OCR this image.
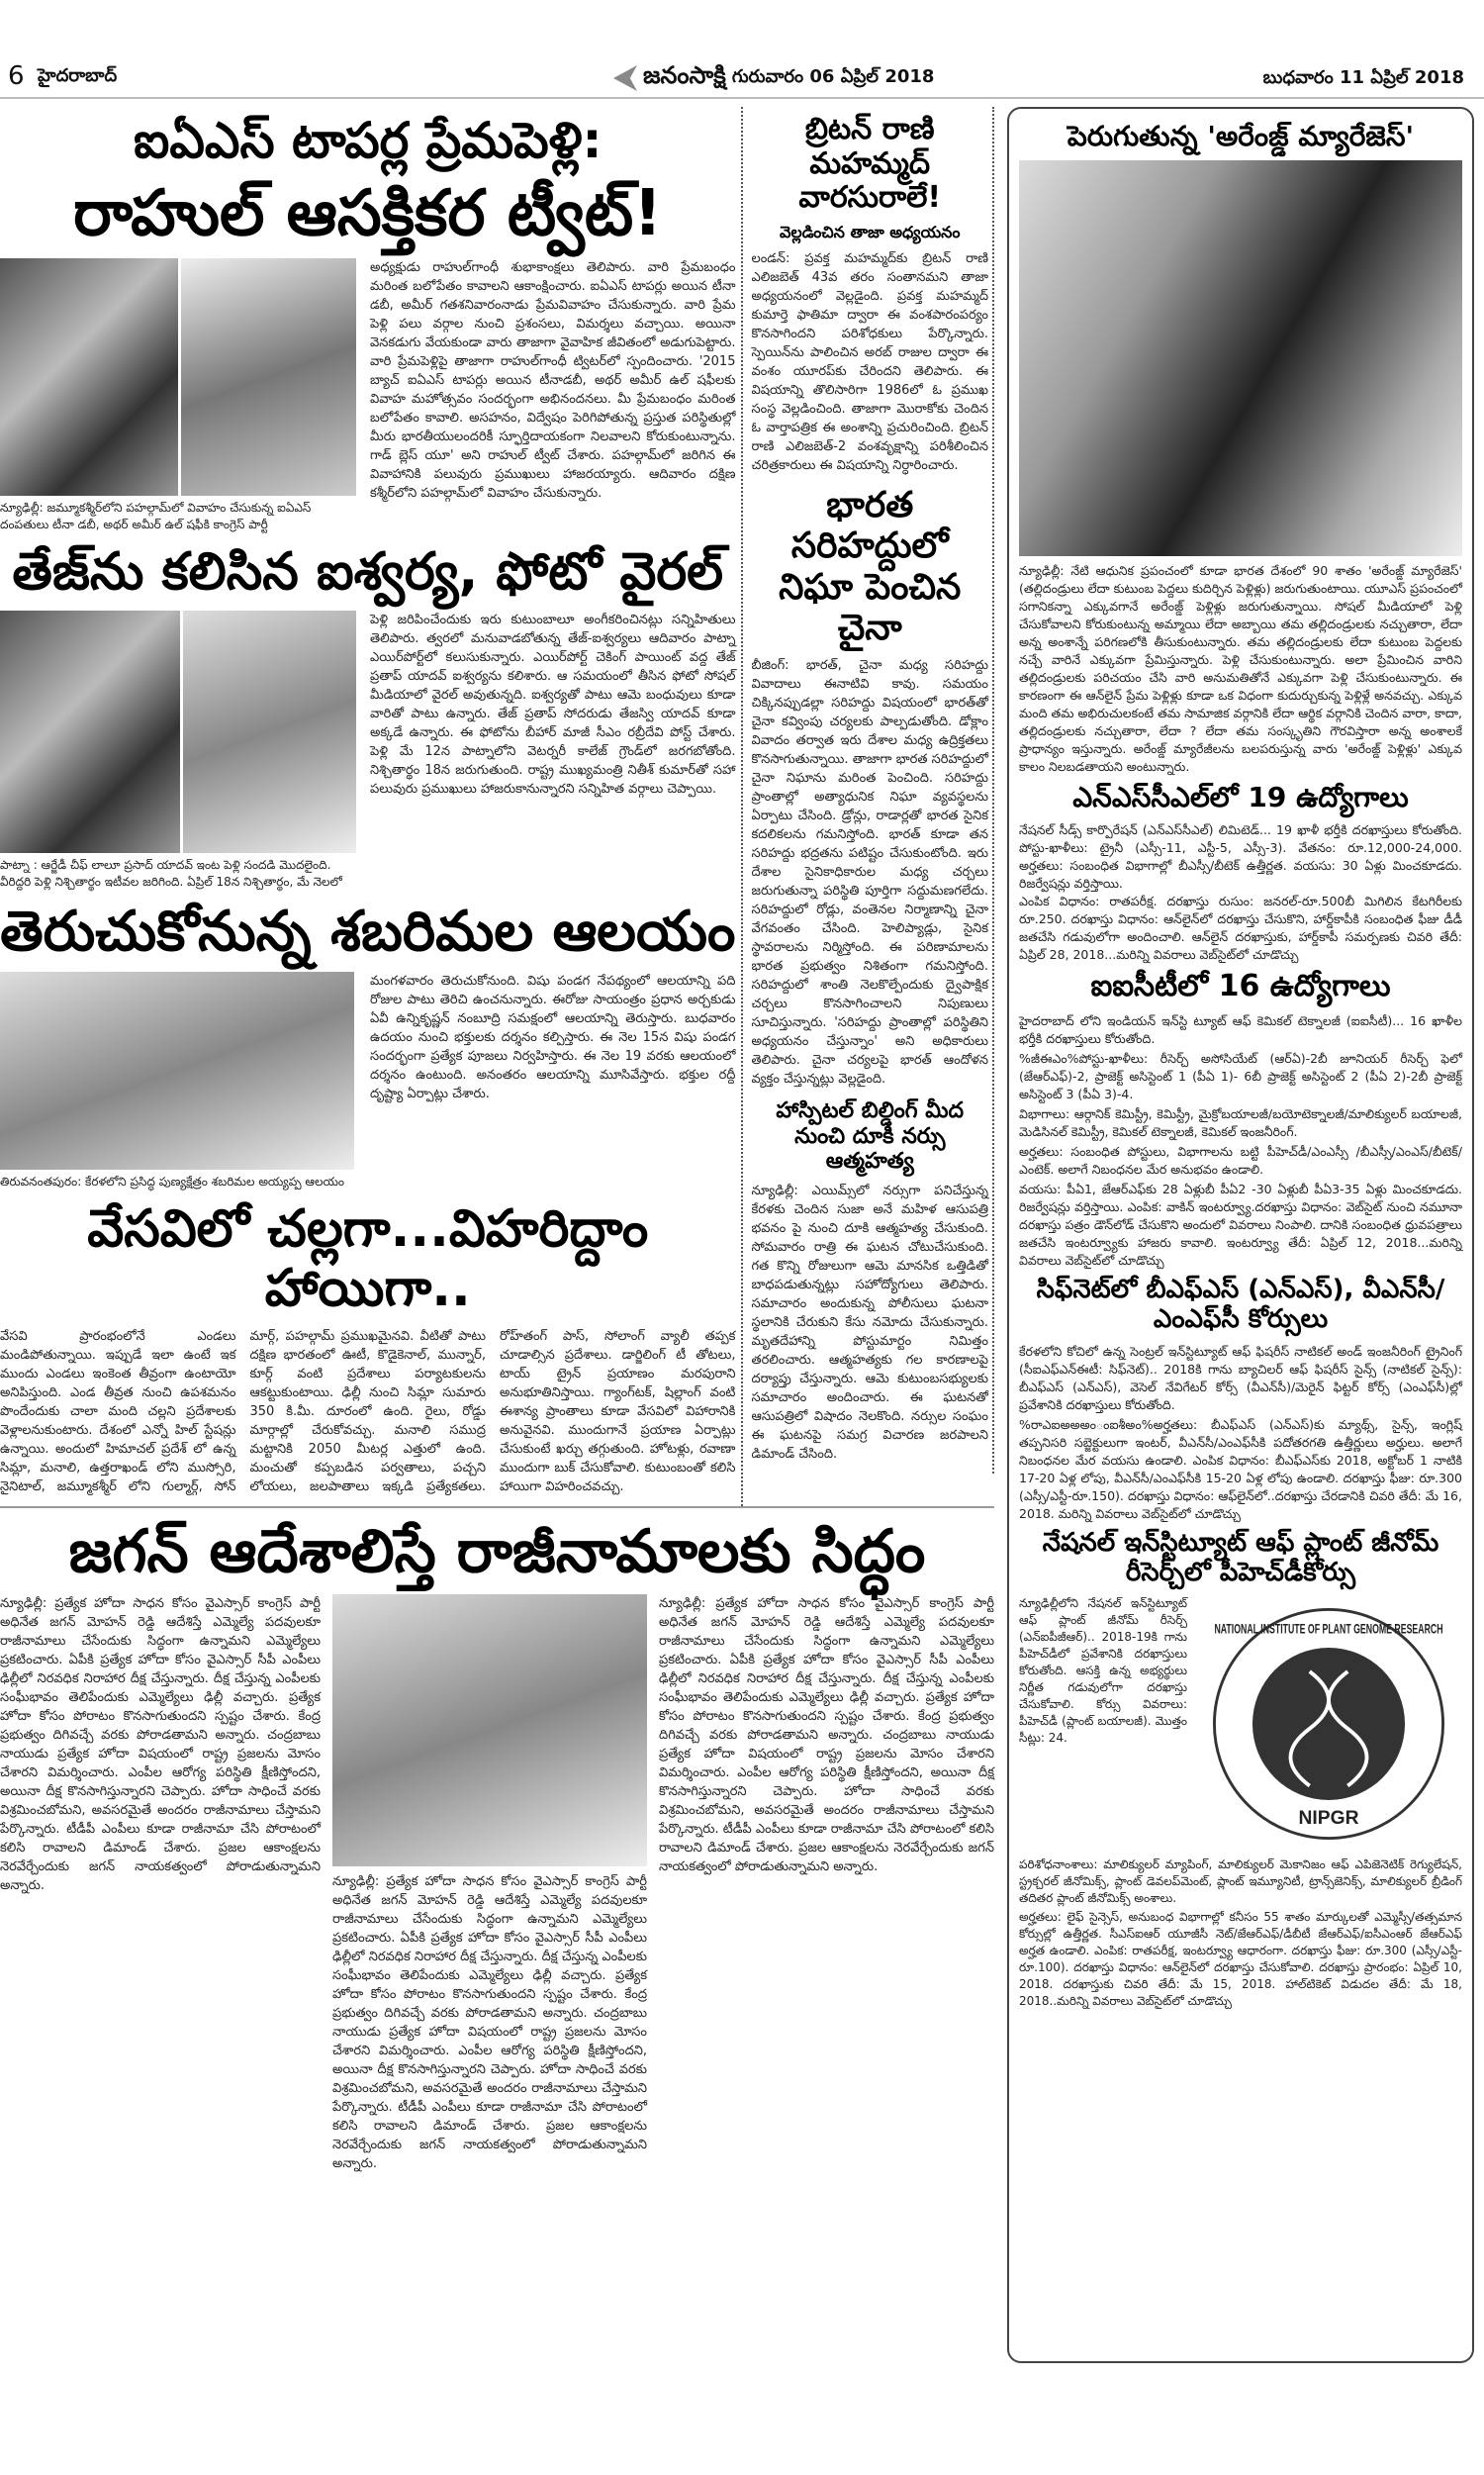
6 హైదరాబాద్	జనంసాక్షి గురువారం 06 ఏప్రిల్ 2018	బుధవారం 11 ఏప్రిల్ 2018
ఐఏఎస్ టాపర్ల ప్రేమపెళ్లి:
రాహుల్ ఆసక్తికర ట్వీట్!
న్యూఢిల్లీ: జమ్మూకశ్మీర్‌లోని పహల్గామ్‌లో వివాహం చేసుకున్న ఐఏఎస్ దంపతులు టీనా డబీ, అథర్ అమీర్ ఉల్ షఫీకి కాంగ్రెస్ పార్టీ
అధ్యక్షుడు రాహుల్‌గాంధీ శుభాకాంక్షలు తెలిపారు. వారి ప్రేమబంధం మరింత బలోపేతం కావాలని ఆకాంక్షించారు. ఐఏఎస్ టాపర్లు అయిన టీనా డబీ, అమీర్ గతశనివారంనాడు ప్రేమవివాహం చేసుకున్నారు. వారి ప్రేమ పెళ్లి పలు వర్గాల నుంచి ప్రశంసలు, విమర్శలు వచ్చాయి. అయినా వెనకడుగు వేయకుండా వారు తాజాగా వైవాహిక జీవితంలో అడుగుపెట్టారు. వారి ప్రేమపెళ్లిపై తాజాగా రాహుల్‌గాంధీ ట్విటర్‌లో స్పందించారు. '2015 బ్యాచ్ ఐఏఎస్ టాపర్లు అయిన టీనాడబీ, అథర్ అమీర్ ఉల్ షఫీలకు వివాహ మహోత్సవం సందర్భంగా అభినందనలు. మీ ప్రేమబంధం మరింత బలోపేతం కావాలి. అసహనం, విద్వేషం పెరిగిపోతున్న ప్రస్తుత పరిస్థితుల్లో మీరు భారతీయులందరికీ స్ఫూర్తిదాయకంగా నిలవాలని కోరుకుంటున్నాను. గాడ్ బ్లెస్ యూ' అని రాహుల్ ట్వీట్ చేశారు. పహల్గామ్‌లో జరిగిన ఈ వివాహానికి పలువురు ప్రముఖులు హాజరయ్యారు. ఆదివారం దక్షిణ కశ్మీర్‌లోని పహల్గామ్‌లో వివాహం చేసుకున్నారు.
తేజ్‌ను కలిసిన ఐశ్వర్య, ఫోటో వైరల్
పాట్నా : ఆర్జేడీ చీఫ్ లాలూ ప్రసాద్ యాదవ్ ఇంట పెళ్లి సందడి మొదలైంది. వీరిద్దరి పెళ్లి నిశ్చితార్థం ఇటీవల జరిగింది. ఏప్రిల్ 18న నిశ్చితార్థం, మే నెలలో
పెళ్లి జరిపించేందుకు ఇరు కుటుంబాలూ అంగీకరించినట్లు సన్నిహితులు తెలిపారు. త్వరలో మనువాడబోతున్న తేజ్-ఐశ్వర్యలు ఆదివారం పాట్నా ఎయిర్‌పోర్ట్‌లో కలుసుకున్నారు. ఎయిర్‌పోర్ట్ చెకింగ్ పాయింట్ వద్ద తేజ్ ప్రతాప్ యాదవ్ ఐశ్వర్యను కలిశారు. ఆ సమయంలో తీసిన ఫోటో సోషల్ మీడియాలో వైరల్ అవుతున్నది. ఐశ్వర్యతో పాటు ఆమె బంధువులు కూడా వారితో పాటు ఉన్నారు. తేజ్ ప్రతాప్ సోదరుడు తేజస్వి యాదవ్ కూడా అక్కడే ఉన్నారు. ఈ ఫోటోను బీహార్ మాజీ సీఎం రబ్రీదేవి పోస్ట్ చేశారు. పెళ్లి మే 12న పాట్నాలోని వెటర్నరీ కాలేజ్ గ్రౌండ్‌లో జరగబోతోంది. నిశ్చితార్థం 18న జరుగుతుంది. రాష్ట్ర ముఖ్యమంత్రి నితీశ్ కుమార్‌తో సహా పలువురు ప్రముఖులు హాజరుకానున్నారని సన్నిహిత వర్గాలు చెప్పాయి.
తెరుచుకోనున్న శబరిమల ఆలయం
తిరువనంతపురం: కేరళలోని ప్రసిద్ధ పుణ్యక్షేత్రం శబరిమల అయ్యప్ప ఆలయం
మంగళవారం తెరుచుకోనుంది. విషు పండగ నేపథ్యంలో ఆలయాన్ని పది రోజుల పాటు తెరిచి ఉంచనున్నారు. ఈరోజు సాయంత్రం ప్రధాన అర్చకుడు ఏవీ ఉన్నికృష్ణన్ నంబూద్రి సమక్షంలో ఆలయాన్ని తెరుస్తారు. బుధవారం ఉదయం నుంచి భక్తులకు దర్శనం కల్పిస్తారు. ఈ నెల 15న విషు పండగ సందర్భంగా ప్రత్యేక పూజలు నిర్వహిస్తారు. ఈ నెల 19 వరకు ఆలయంలో దర్శనం ఉంటుంది. అనంతరం ఆలయాన్ని మూసివేస్తారు. భక్తుల రద్దీ దృష్ట్యా ఏర్పాట్లు చేశారు.
వేసవిలో చల్లగా...విహరిద్దాం హాయిగా..
వేసవి ప్రారంభంలోనే ఎండలు మండిపోతున్నాయి. ఇప్పుడే ఇలా ఉంటే ఇక ముందు ఎండలు ఇంకెంత తీవ్రంగా ఉంటాయో అనిపిస్తుంది. ఎండ తీవ్రత నుంచి ఉపశమనం పొందేందుకు చాలా మంది చల్లని ప్రదేశాలకు వెళ్లాలనుకుంటారు. దేశంలో ఎన్నో హిల్ స్టేషన్లు ఉన్నాయి. అందులో హిమాచల్ ప్రదేశ్ లో ఉన్న సిమ్లా, మనాలి, ఉత్తరాఖండ్ లోని ముస్సోరి, నైనిటాల్, జమ్మూకశ్మీర్ లోని గుల్మార్గ్, సోన్ మార్గ్, పహల్గామ్ ప్రముఖమైనవి. వీటితో పాటు దక్షిణ భారతంలో ఊటీ, కొడైకెనాల్, మున్నార్, కూర్గ్ వంటి ప్రదేశాలు పర్యాటకులను ఆకట్టుకుంటాయి. ఢిల్లీ నుంచి సిమ్లా సుమారు 350 కి.మీ. దూరంలో ఉంది. రైలు, రోడ్డు మార్గాల్లో చేరుకోవచ్చు. మనాలి సముద్ర మట్టానికి 2050 మీటర్ల ఎత్తులో ఉంది. మంచుతో కప్పబడిన పర్వతాలు, పచ్చని లోయలు, జలపాతాలు ఇక్కడి ప్రత్యేకతలు. రోహ్‌తంగ్ పాస్, సోలాంగ్ వ్యాలీ తప్పక చూడాల్సిన ప్రదేశాలు. డార్జిలింగ్ టీ తోటలు, టాయ్ ట్రైన్ ప్రయాణం మరపురాని అనుభూతినిస్తాయి. గ్యాంగ్‌టక్, షిల్లాంగ్ వంటి ఈశాన్య ప్రాంతాలు కూడా వేసవిలో విహారానికి అనువైనవి. ముందుగానే ప్రయాణ ఏర్పాట్లు చేసుకుంటే ఖర్చు తగ్గుతుంది. హోటళ్లు, రవాణా ముందుగా బుక్ చేసుకోవాలి. కుటుంబంతో కలిసి హాయిగా విహరించవచ్చు.
బ్రిటన్ రాణి మహమ్మద్ వారసురాలే!
వెల్లడించిన తాజా అధ్యయనం
లండన్: ప్రవక్త మహమ్మద్‌కు బ్రిటన్ రాణి ఎలిజబెత్ 43వ తరం సంతానమని తాజా అధ్యయనంలో వెల్లడైంది. ప్రవక్త మహమ్మద్ కుమార్తె ఫాతిమా ద్వారా ఈ వంశపారంపర్యం కొనసాగిందని పరిశోధకులు పేర్కొన్నారు. స్పెయిన్‌ను పాలించిన అరబ్ రాజుల ద్వారా ఈ వంశం యూరప్‌కు చేరిందని తెలిపారు. ఈ విషయాన్ని తొలిసారిగా 1986లో ఓ ప్రముఖ సంస్థ వెల్లడించింది. తాజాగా మొరాకోకు చెందిన ఓ వార్తాపత్రిక ఈ అంశాన్ని ప్రచురించింది. బ్రిటన్ రాణి ఎలిజబెత్-2 వంశవృక్షాన్ని పరిశీలించిన చరిత్రకారులు ఈ విషయాన్ని నిర్ధారించారు.
భారత సరిహద్దులో నిఘా పెంచిన చైనా
బీజింగ్: భారత్, చైనా మధ్య సరిహద్దు వివాదాలు ఈనాటివి కావు. సమయం చిక్కినప్పుడల్లా సరిహద్దు విషయంలో భారత్‌తో చైనా కవ్వింపు చర్యలకు పాల్పడుతోంది. డోక్లాం వివాదం తర్వాత ఇరు దేశాల మధ్య ఉద్రిక్తతలు కొనసాగుతున్నాయి. తాజాగా భారత సరిహద్దులో చైనా నిఘాను మరింత పెంచింది. సరిహద్దు ప్రాంతాల్లో అత్యాధునిక నిఘా వ్యవస్థలను ఏర్పాటు చేసింది. డ్రోన్లు, రాడార్లతో భారత సైనిక కదలికలను గమనిస్తోంది. భారత్ కూడా తన సరిహద్దు భద్రతను పటిష్టం చేసుకుంటోంది. ఇరు దేశాల సైనికాధికారుల మధ్య చర్చలు జరుగుతున్నా పరిస్థితి పూర్తిగా సద్దుమణగలేదు. సరిహద్దులో రోడ్లు, వంతెనల నిర్మాణాన్ని చైనా వేగవంతం చేసింది. హెలిప్యాడ్లు, సైనిక స్థావరాలను నిర్మిస్తోంది. ఈ పరిణామాలను భారత ప్రభుత్వం నిశితంగా గమనిస్తోంది. సరిహద్దులో శాంతి నెలకొల్పేందుకు ద్వైపాక్షిక చర్చలు కొనసాగించాలని నిపుణులు సూచిస్తున్నారు. 'సరిహద్దు ప్రాంతాల్లో పరిస్థితిని అధ్యయనం చేస్తున్నాం' అని అధికారులు తెలిపారు. చైనా చర్యలపై భారత్ ఆందోళన వ్యక్తం చేస్తున్నట్లు వెల్లడైంది.
హాస్పిటల్ బిల్డింగ్ మీద నుంచి దూకి నర్సు ఆత్మహత్య
న్యూఢిల్లీ: ఎయిమ్స్‌లో నర్సుగా పనిచేస్తున్న కేరళకు చెందిన సుజా అనే మహిళ ఆసుపత్రి భవనం పై నుంచి దూకి ఆత్మహత్య చేసుకుంది. సోమవారం రాత్రి ఈ ఘటన చోటుచేసుకుంది. గత కొన్ని రోజులుగా ఆమె మానసిక ఒత్తిడితో బాధపడుతున్నట్లు సహోద్యోగులు తెలిపారు. సమాచారం అందుకున్న పోలీసులు ఘటనా స్థలానికి చేరుకుని కేసు నమోదు చేసుకున్నారు. మృతదేహాన్ని పోస్టుమార్టం నిమిత్తం తరలించారు. ఆత్మహత్యకు గల కారణాలపై దర్యాప్తు చేస్తున్నారు. ఆమె కుటుంబసభ్యులకు సమాచారం అందించారు. ఈ ఘటనతో ఆసుపత్రిలో విషాదం నెలకొంది. నర్సుల సంఘం ఈ ఘటనపై సమగ్ర విచారణ జరపాలని డిమాండ్ చేసింది.
జగన్ ఆదేశాలిస్తే రాజీనామాలకు సిద్ధం
న్యూఢిల్లీ: ప్రత్యేక హోదా సాధన కోసం వైఎస్సార్ కాంగ్రెస్ పార్టీ అధినేత జగన్ మోహన్ రెడ్డి ఆదేశిస్తే ఎమ్మెల్యే పదవులకూ రాజీనామాలు చేసేందుకు సిద్ధంగా ఉన్నామని ఎమ్మెల్యేలు ప్రకటించారు. ఏపీకి ప్రత్యేక హోదా కోసం వైఎస్సార్ సీపీ ఎంపీలు ఢిల్లీలో నిరవధిక నిరాహార దీక్ష చేస్తున్నారు. దీక్ష చేస్తున్న ఎంపీలకు సంఘీభావం తెలిపేందుకు ఎమ్మెల్యేలు ఢిల్లీ వచ్చారు. ప్రత్యేక హోదా కోసం పోరాటం కొనసాగుతుందని స్పష్టం చేశారు. కేంద్ర ప్రభుత్వం దిగివచ్చే వరకు పోరాడతామని అన్నారు. చంద్రబాబు నాయుడు ప్రత్యేక హోదా విషయంలో రాష్ట్ర ప్రజలను మోసం చేశారని విమర్శించారు. ఎంపీల ఆరోగ్య పరిస్థితి క్షీణిస్తోందని, అయినా దీక్ష కొనసాగిస్తున్నారని చెప్పారు. హోదా సాధించే వరకు విశ్రమించబోమని, అవసరమైతే అందరం రాజీనామాలు చేస్తామని పేర్కొన్నారు. టీడీపీ ఎంపీలు కూడా రాజీనామా చేసి పోరాటంలో కలిసి రావాలని డిమాండ్ చేశారు. ప్రజల ఆకాంక్షలను నెరవేర్చేందుకు జగన్ నాయకత్వంలో పోరాడుతున్నామని అన్నారు.	న్యూఢిల్లీ: ప్రత్యేక హోదా సాధన కోసం వైఎస్సార్ కాంగ్రెస్ పార్టీ అధినేత జగన్ మోహన్ రెడ్డి ఆదేశిస్తే ఎమ్మెల్యే పదవులకూ రాజీనామాలు చేసేందుకు సిద్ధంగా ఉన్నామని ఎమ్మెల్యేలు ప్రకటించారు. ఏపీకి ప్రత్యేక హోదా కోసం వైఎస్సార్ సీపీ ఎంపీలు ఢిల్లీలో నిరవధిక నిరాహార దీక్ష చేస్తున్నారు. దీక్ష చేస్తున్న ఎంపీలకు సంఘీభావం తెలిపేందుకు ఎమ్మెల్యేలు ఢిల్లీ వచ్చారు. ప్రత్యేక హోదా కోసం పోరాటం కొనసాగుతుందని స్పష్టం చేశారు. కేంద్ర ప్రభుత్వం దిగివచ్చే వరకు పోరాడతామని అన్నారు. చంద్రబాబు నాయుడు ప్రత్యేక హోదా విషయంలో రాష్ట్ర ప్రజలను మోసం చేశారని విమర్శించారు. ఎంపీల ఆరోగ్య పరిస్థితి క్షీణిస్తోందని, అయినా దీక్ష కొనసాగిస్తున్నారని చెప్పారు. హోదా సాధించే వరకు విశ్రమించబోమని, అవసరమైతే అందరం రాజీనామాలు చేస్తామని పేర్కొన్నారు. టీడీపీ ఎంపీలు కూడా రాజీనామా చేసి పోరాటంలో కలిసి రావాలని డిమాండ్ చేశారు. ప్రజల ఆకాంక్షలను నెరవేర్చేందుకు జగన్ నాయకత్వంలో పోరాడుతున్నామని అన్నారు.
న్యూఢిల్లీ: ప్రత్యేక హోదా సాధన కోసం వైఎస్సార్ కాంగ్రెస్ పార్టీ అధినేత జగన్ మోహన్ రెడ్డి ఆదేశిస్తే ఎమ్మెల్యే పదవులకూ రాజీనామాలు చేసేందుకు సిద్ధంగా ఉన్నామని ఎమ్మెల్యేలు ప్రకటించారు. ఏపీకి ప్రత్యేక హోదా కోసం వైఎస్సార్ సీపీ ఎంపీలు ఢిల్లీలో నిరవధిక నిరాహార దీక్ష చేస్తున్నారు. దీక్ష చేస్తున్న ఎంపీలకు సంఘీభావం తెలిపేందుకు ఎమ్మెల్యేలు ఢిల్లీ వచ్చారు. ప్రత్యేక హోదా కోసం పోరాటం కొనసాగుతుందని స్పష్టం చేశారు. కేంద్ర ప్రభుత్వం దిగివచ్చే వరకు పోరాడతామని అన్నారు. చంద్రబాబు నాయుడు ప్రత్యేక హోదా విషయంలో రాష్ట్ర ప్రజలను మోసం చేశారని విమర్శించారు. ఎంపీల ఆరోగ్య పరిస్థితి క్షీణిస్తోందని, అయినా దీక్ష కొనసాగిస్తున్నారని చెప్పారు. హోదా సాధించే వరకు విశ్రమించబోమని, అవసరమైతే అందరం రాజీనామాలు చేస్తామని పేర్కొన్నారు. టీడీపీ ఎంపీలు కూడా రాజీనామా చేసి పోరాటంలో కలిసి రావాలని డిమాండ్ చేశారు. ప్రజల ఆకాంక్షలను నెరవేర్చేందుకు జగన్ నాయకత్వంలో పోరాడుతున్నామని అన్నారు.
పెరుగుతున్న 'అరేంజ్డ్ మ్యారేజెస్'
న్యూఢిల్లీ: నేటి ఆధునిక ప్రపంచంలో కూడా భారత దేశంలో 90 శాతం 'అరేంజ్డ్ మ్యారేజెస్' (తల్లిదండ్రులు లేదా కుటుంబ పెద్దలు కుదిర్చిన పెళ్లిళ్లు) జరుగుతుంటాయి. యూఎస్ ప్రపంచంలో సగానికన్నా ఎక్కువగానే అరేంజ్డ్ పెళ్లిళ్లు జరుగుతున్నాయి. సోషల్ మీడియాలో పెళ్లి చేసుకోవాలని కోరుకుంటున్న అమ్మాయి లేదా అబ్బాయి తమ తల్లిదండ్రులకు నచ్చుతారా, లేదా అన్న అంశాన్నే పరిగణలోకి తీసుకుంటున్నారు. తమ తల్లిదండ్రులకు లేదా కుటుంబ పెద్దలకు నచ్చే వారినే ఎక్కువగా ప్రేమిస్తున్నారు. పెళ్లి చేసుకుంటున్నారు. అలా ప్రేమించిన వారిని తల్లిదండ్రులకు పరిచయం చేసి వారి అనుమతితోనే ఎక్కువగా పెళ్లి చేసుకుంటున్నారు. ఈ కారణంగా ఈ ఆన్‌లైన్ ప్రేమ పెళ్లిళ్లు కూడా ఒక విధంగా కుదుర్చుకున్న పెళ్లిళ్లే అనవచ్చు. ఎక్కువ మంది తమ అభిరుచులకంటే తమ సామాజిక వర్గానికి లేదా ఆర్థిక వర్గానికి చెందిన వారా, కాదా, తల్లిదండ్రులకు నచ్చుతారా, లేదా ? లేదా తమ సంస్కృతిని గౌరవిస్తారా అన్న అంశాలకే ప్రాధాన్యం ఇస్తున్నారు. అరేంజ్డ్ మ్యారేజీలను బలపరుస్తున్న వారు 'అరేంజ్డ్ పెళ్లిళ్లు' ఎక్కువ కాలం నిలబడతాయని అంటున్నారు.
ఎన్‌ఎస్‌సీఎల్‌లో 19 ఉద్యోగాలు
నేషనల్ సీడ్స్ కార్పొరేషన్ (ఎన్‌ఎస్‌సీఎల్) లిమిటెడ్... 19 ఖాళీ భర్తీకి దరఖాస్తులు కోరుతోంది. పోస్టు-ఖాళీలు: ట్రైనీ (ఎస్సీ-11, ఎస్టీ-5, ఎస్సీ-3). వేతనం: రూ.12,000-24,000. అర్హతలు: సంబంధిత విభాగాల్లో బీఎస్సీ/బీటెక్ ఉత్తీర్ణత. వయసు: 30 ఏళ్లు మించకూడదు. రిజర్వేషన్లు వర్తిస్తాయి.
ఎంపిక విధానం: రాతపరీక్ష. దరఖాస్తు రుసుం: జనరల్-రూ.500బీ మిగిలిన కేటగిరీలకు రూ.250. దరఖాస్తు విధానం: ఆన్‌లైన్‌లో దరఖాస్తు చేసుకొని, హార్డ్‌కాపీకి సంబంధిత ఫీజు డీడీ జతచేసి గడువులోగా అందించాలి. ఆన్‌లైన్ దరఖాస్తుకు, హార్డ్‌కాపీ సమర్పణకు చివరి తేదీ: ఏప్రిల్ 28, 2018...మరిన్ని వివరాలు వెబ్‌సైట్‌లో చూడొచ్చు
ఐఐసీటీలో 16 ఉద్యోగాలు
హైదరాబాద్ లోని ఇండియన్ ఇన్‌స్టి ట్యూట్ ఆఫ్ కెమికల్ టెక్నాలజీ (ఐఐసీటీ)... 16 ఖాళీల భర్తీకి దరఖాస్తులు కోరుతోంది.
%జీఈఎం%పోస్టు-ఖాళీలు: రీసెర్చ్ అసోసియేట్ (ఆర్ఏ)-2బీ జూనియర్ రీసెర్చ్ ఫెలో (జేఆర్ఎఫ్)-2, ప్రాజెక్ట్ అసిస్టెంట్ 1 (పీఏ 1)- 6బీ ప్రాజెక్ట్ అసిస్టెంట్ 2 (పీఏ 2)-2బీ ప్రాజెక్ట్ అసిస్టెంట్ 3 (పీఏ 3)-4.
విభాగాలు: ఆర్గానిక్ కెమిస్ట్రీ, కెమిస్ట్రీ, మైక్రోబయాలజీ/బయోటెక్నాలజీ/మాలిక్యులర్ బయాలజీ, మెడిసినల్ కెమిస్ట్రీ, కెమికల్ టెక్నాలజీ, కెమికల్ ఇంజనీరింగ్.
అర్హతలు: సంబంధిత పోస్టులు, విభాగాలను బట్టి పీహెచ్‌డీ/ఎంఎస్సీ /బీఎస్సీ/ఎంఎస్/బీటెక్/ఎంటెక్. అలాగే నిబంధనల మేర అనుభవం ఉండాలి.
వయసు: పీఏ1, జేఆర్ఎఫ్‌కు 28 ఏళ్లుబీ పీఏ2 -30 ఏళ్లుబీ పీఏ3-35 ఏళ్లు మించకూడదు. రిజర్వేషన్లు వర్తిస్తాయి. ఎంపిక: వాకిన్ ఇంటర్వ్యూ.దరఖాస్తు విధానం: వెబ్‌సైట్ నుంచి నమూనా దరఖాస్తు పత్రం డౌన్‌లోడ్ చేసుకొని అందులో వివరాలు నింపాలి. దానికి సంబంధిత ధ్రువపత్రాలు జతచేసి ఇంటర్వ్యూకు హాజరు కావాలి. ఇంటర్వ్యూ తేదీ: ఏప్రిల్ 12, 2018...మరిన్ని వివరాలు వెబ్‌సైట్‌లో చూడొచ్చు
సిఫ్‌నెట్‌లో బీఎఫ్ఎస్ (ఎన్ఎస్), వీఎన్‌సీ/ఎంఎఫ్‌సీ కోర్సులు
కేరళలోని కోచిలో ఉన్న సెంట్రల్ ఇన్‌స్టిట్యూట్ ఆఫ్ ఫిషరీస్ నాటికల్ అండ్ ఇంజనీరింగ్ ట్రైనింగ్ (సీఐఎఫ్ఎన్ఈటీ: సిఫ్‌నెట్).. 2018కి గాను బ్యాచిలర్ ఆఫ్ ఫిషరీస్ సైన్స్ (నాటికల్ సైన్స్): బీఎఫ్ఎస్ (ఎన్ఎస్), వెసెల్ నేవిగేటర్ కోర్స్ (వీఎన్‌సీ)/మెరైన్ ఫిట్టర్ కోర్స్ (ఎంఎఫ్‌సీ)ల్లో ప్రవేశానికి దరఖాస్తులు కోరుతోంది.
%రాఎఐఅఅఅం‌ంఐశీఅం%అర్హతలు: బీఎఫ్ఎస్ (ఎన్ఎస్)కు మ్యాథ్స్, సైన్స్, ఇంగ్లిష్ తప్పనిసరి సబ్జెక్టులుగా ఇంటర్, వీఎన్‌సీ/ఎంఎఫ్‌సీకి పదోతరగతి ఉత్తీర్ణులు అర్హులు. అలాగే నిబంధనల మేర వయసు ఉండాలి. ఎంపిక విధానం: బీఎఫ్ఎస్‌కు 2018, అక్టోబర్ 1 నాటికి 17-20 ఏళ్ల లోపు, వీఎన్‌సీ/ఎంఎఫ్‌సీకి 15-20 ఏళ్ల లోపు ఉండాలి. దరఖాస్తు ఫీజు: రూ.300 (ఎస్సీ/ఎస్టీ-రూ.150). దరఖాస్తు విధానం: ఆఫ్‌లైన్‌లో..దరఖాస్తు చేరడానికి చివరి తేదీ: మే 16, 2018. మరిన్ని వివరాలు వెబ్‌సైట్‌లో చూడొచ్చు
నేషనల్ ఇన్‌స్టిట్యూట్ ఆఫ్ ప్లాంట్ జీనోమ్ రీసెర్చ్‌లో పీహెచ్‌డీకోర్సు
న్యూఢిల్లీలోని నేషనల్ ఇన్‌స్టిట్యూట్ ఆఫ్ ప్లాంట్ జీనోమ్ రీసెర్చ్ (ఎన్ఐపీజీఆర్).. 2018-19కి గాను పీహెచ్‌డీలో ప్రవేశానికి దరఖాస్తులు కోరుతోంది. ఆసక్తి ఉన్న అభ్యర్థులు నిర్ణీత గడువులోగా దరఖాస్తు చేసుకోవాలి. కోర్సు వివరాలు: పీహెచ్‌డీ (ప్లాంట్ బయాలజీ). మొత్తం సీట్లు: 24.
NATIONAL INSTITUTE OF PLANT GENOME RESEARCH
NIPGR
పరిశోధనాంశాలు: మాలిక్యులర్ మ్యాపింగ్, మాలిక్యులర్ మెకానిజం ఆఫ్ ఎపిజెనెటిక్ రెగ్యులేషన్, స్ట్రక్చరల్ జీనోమిక్స్, ప్లాంట్ డెవలప్‌మెంట్, ప్లాంట్ ఇమ్యూనిటీ, ట్రాన్స్‌జెనిక్స్, మాలిక్యులర్ బ్రీడింగ్ తదితర ప్లాంట్ జీనోమిక్స్ అంశాలు.
అర్హతలు: లైఫ్ సైన్సెస్, అనుబంధ విభాగాల్లో కనీసం 55 శాతం మార్కులతో ఎమ్మెస్సీ/తత్సమాన కోర్సుల్లో ఉత్తీర్ణత. సీఎస్ఐఆర్ యూజీసీ నెట్/జేఆర్ఎఫ్/డీబీటీ జేఆర్ఎఫ్/ఐసీఎంఆర్ జేఆర్ఎఫ్ అర్హత ఉండాలి. ఎంపిక: రాతపరీక్ష, ఇంటర్వ్యూ ఆధారంగా. దరఖాస్తు ఫీజు: రూ.300 (ఎస్సీ/ఎస్టీ-రూ.100). దరఖాస్తు విధానం: ఆన్‌లైన్‌లో దరఖాస్తు చేసుకోవాలి. దరఖాస్తు ప్రారంభం: ఏప్రిల్ 10, 2018. దరఖాస్తుకు చివరి తేదీ: మే 15, 2018. హాల్‌టికెట్ విడుదల తేదీ: మే 18, 2018..మరిన్ని వివరాలు వెబ్‌సైట్‌లో చూడొచ్చు
